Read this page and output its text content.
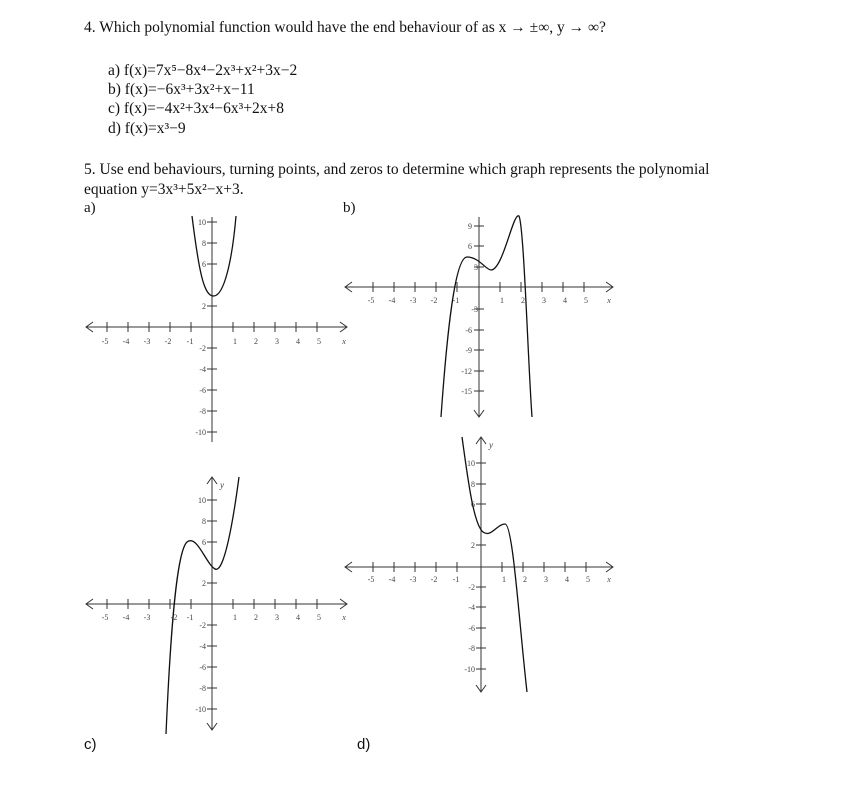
4. Which polynomial function would have the end behaviour of as x → ±∞, y → ∞?
a) f(x)=7x⁵−8x⁴−2x³+x²+3x−2
b) f(x)=−6x³+3x²+x−11
c) f(x)=−4x²+3x⁴−6x³+2x+8
d) f(x)=x³−9
5. Use end behaviours, turning points, and zeros to determine which graph represents the polynomial
equation y=3x³+5x²−x+3.
a)	b)
c)	d)
-5 -4 -3 -2 -1	1 2 3 4 5	x
10
8
6
2
-2
-4
-6
-8
-10
-5 -4 -3 -2 -1	1 2 3 4 5 x
9
6
3
-3
-6
-9
-12
-15
y
-5 -4 -3	-2 -1	1 2 3 4 5	x
10
8
6
2
-2
-4
-6
-8
-10
y
-5 -4 -3 -2 -1	1 2 3 4 5 x
10
8
6
2
-2
-4
-6
-8
-10
